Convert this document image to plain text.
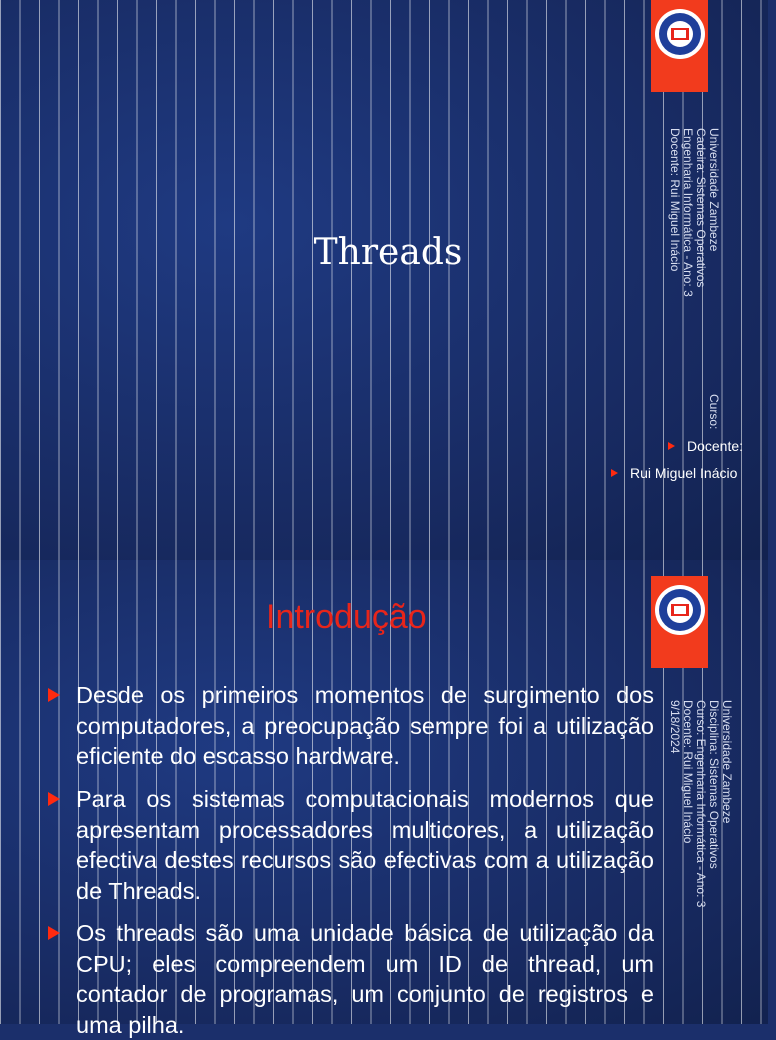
Threads
Universidade Zambeze
Cadeira: Sistemas Operativos
Engenharia Informática - Ano: 3
Docente: Rui Miguel Inácio
Curso:
Docente:
Rui Miguel Inácio
Introdução
Universidade Zambeze
Disciplina: Sistemas Operativos
Curso: Engenharia Informática - Ano: 3
Docente: Rui Miguel Inácio
9/18/2024

Desde os primeiros momentos de surgimento dos computadores, a preocupação sempre foi a utilização eficiente do escasso hardware.

Para os sistemas computacionais modernos que apresentam processadores multicores, a utilização efectiva destes recursos são efectivas com a utilização de Threads.

Os threads são uma unidade básica de utilização da CPU; eles compreendem um ID de thread, um contador de programas, um conjunto de registros e uma pilha.
